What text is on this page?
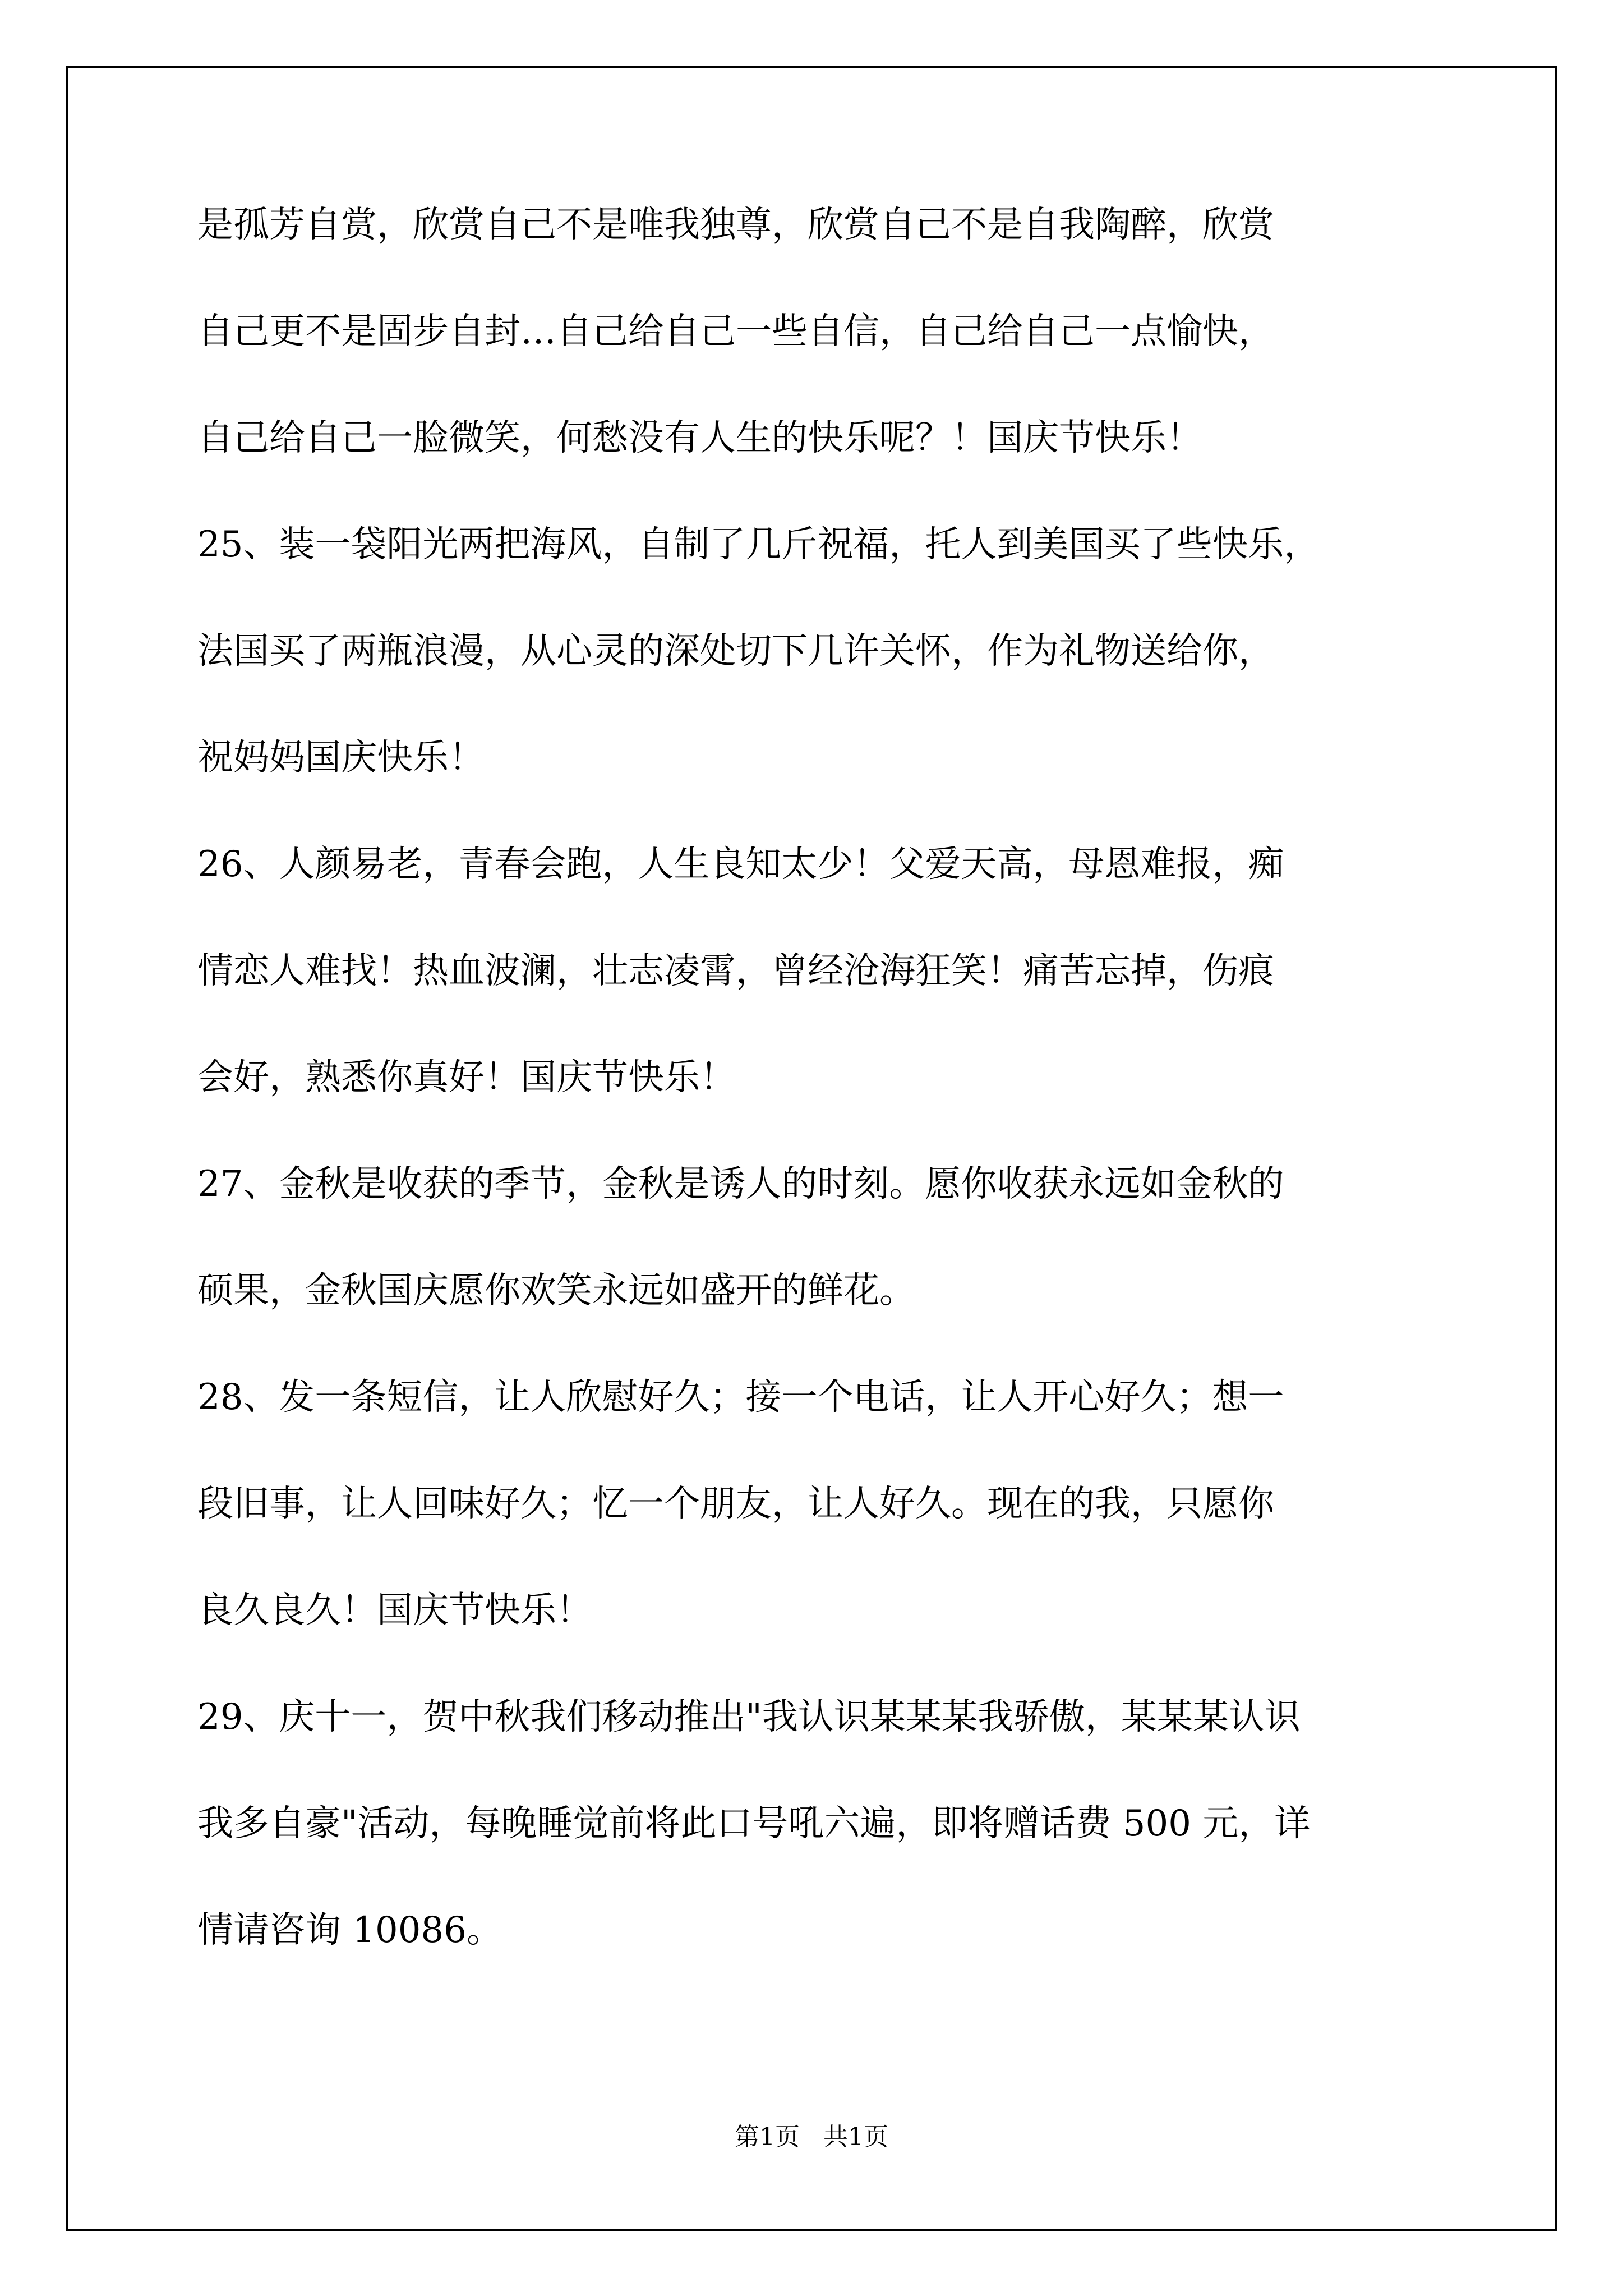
是孤芳自赏，欣赏自己不是唯我独尊，欣赏自己不是自我陶醉，欣赏
自己更不是固步自封…自己给自己一些自信，自己给自己一点愉快，
自己给自己一脸微笑，何愁没有人生的快乐呢？！国庆节快乐！
25、装一袋阳光两把海风，自制了几斤祝福，托人到美国买了些快乐，
法国买了两瓶浪漫，从心灵的深处切下几许关怀，作为礼物送给你，
祝妈妈国庆快乐！
26、人颜易老，青春会跑，人生良知太少！父爱天高，母恩难报，痴
情恋人难找！热血波澜，壮志凌霄，曾经沧海狂笑！痛苦忘掉，伤痕
会好，熟悉你真好！国庆节快乐！
27、金秋是收获的季节，金秋是诱人的时刻。愿你收获永远如金秋的
硕果，金秋国庆愿你欢笑永远如盛开的鲜花。
28、发一条短信，让人欣慰好久；接一个电话，让人开心好久；想一
段旧事，让人回味好久；忆一个朋友，让人好久。现在的我，只愿你
良久良久！国庆节快乐！
29、庆十一，贺中秋我们移动推出"我认识某某某我骄傲，某某某认识
我多自豪"活动，每晚睡觉前将此口号吼六遍，即将赠话费 500 元，详
情请咨询 10086。
第1页   共1页
